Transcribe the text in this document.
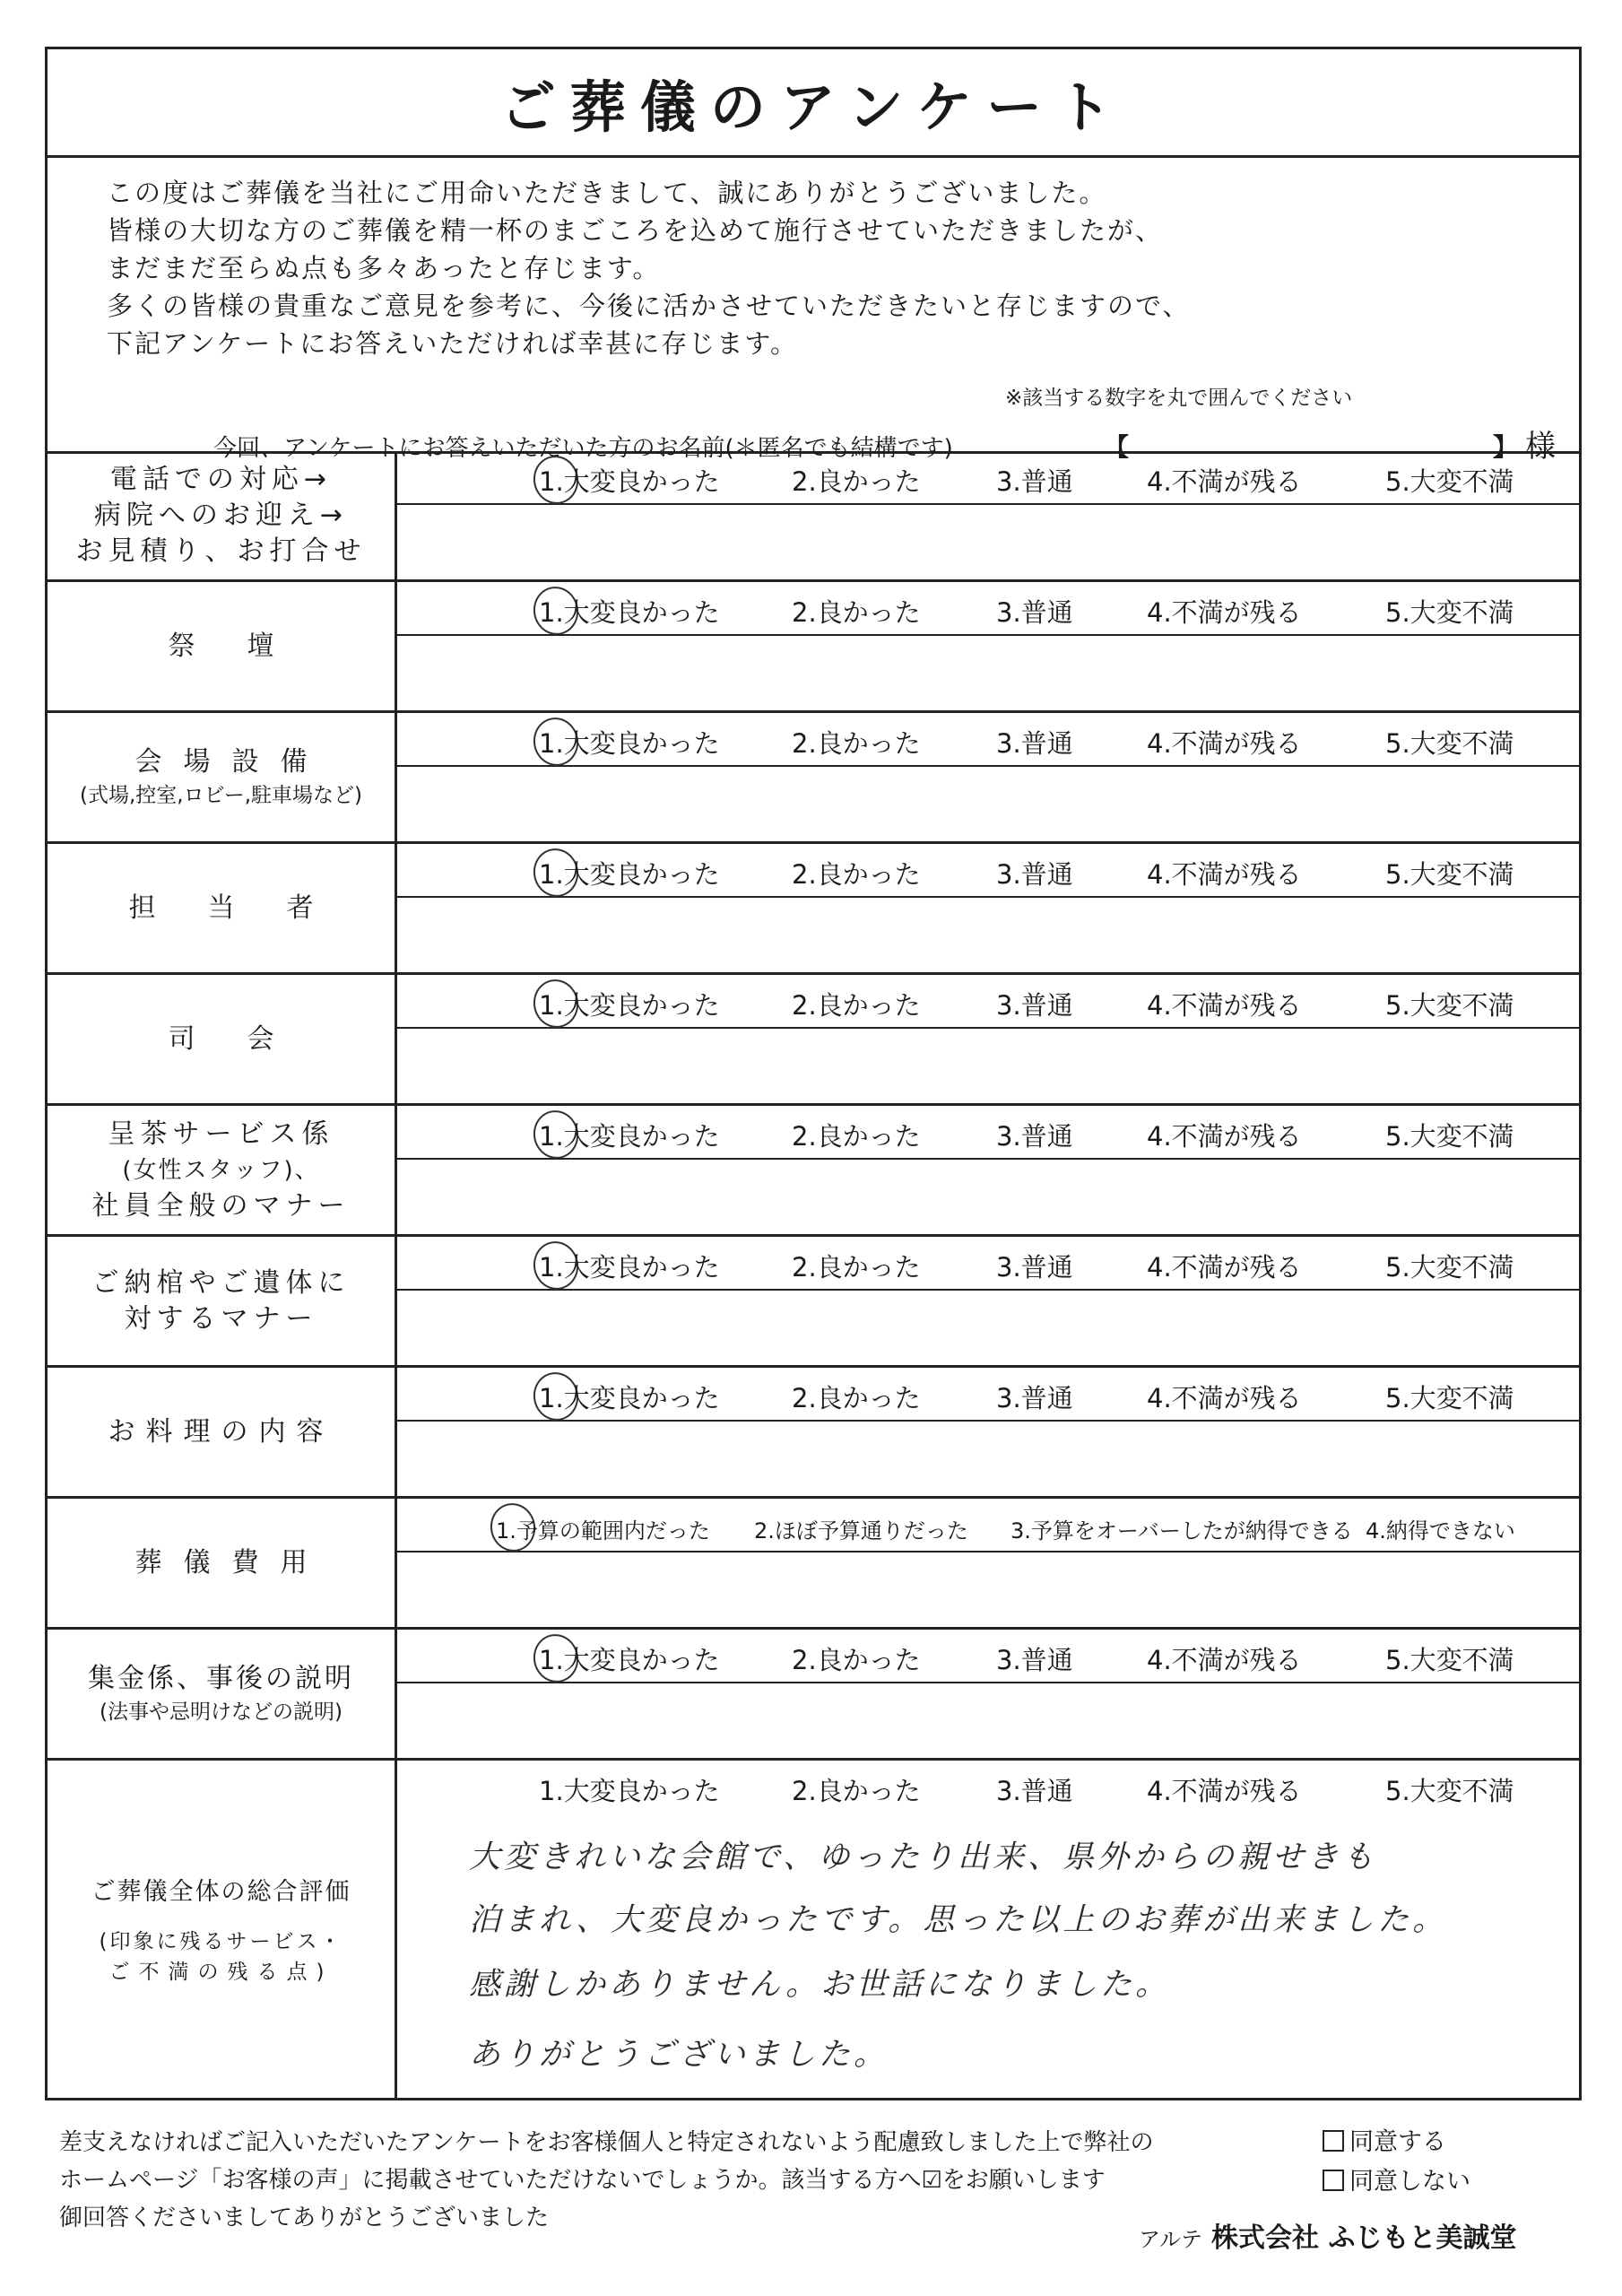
ご葬儀のアンケート
この度はご葬儀を当社にご用命いただきまして、誠にありがとうございました。
皆様の大切な方のご葬儀を精一杯のまごころを込めて施行させていただきましたが、
まだまだ至らぬ点も多々あったと存じます。
多くの皆様の貴重なご意見を参考に、今後に活かさせていただきたいと存じますので、
下記アンケートにお答えいただければ幸甚に存じます。
※該当する数字を丸で囲んでください
今回、アンケートにお答えいただいた方のお名前(＊匿名でも結構です)	【	】 様
電話での対応→
病院へのお迎え→
お見積り、お打合せ
1.大変良かった	2.良かった	3.普通	4.不満が残る	5.大変不満
祭壇
1.大変良かった	2.良かった	3.普通	4.不満が残る	5.大変不満
会場設備
(式場,控室,ロビー,駐車場など)
1.大変良かった	2.良かった	3.普通	4.不満が残る	5.大変不満
担当者
1.大変良かった	2.良かった	3.普通	4.不満が残る	5.大変不満
司会
1.大変良かった	2.良かった	3.普通	4.不満が残る	5.大変不満
呈茶サービス係
(女性スタッフ)、
社員全般のマナー
1.大変良かった	2.良かった	3.普通	4.不満が残る	5.大変不満
ご納棺やご遺体に
対するマナー
1.大変良かった	2.良かった	3.普通	4.不満が残る	5.大変不満
お料理の内容
1.大変良かった	2.良かった	3.普通	4.不満が残る	5.大変不満
葬儀費用
1.予算の範囲内だった 2.ほぼ予算通りだった 3.予算をオーバーしたが納得できる 4.納得できない
集金係、事後の説明
(法事や忌明けなどの説明)
1.大変良かった	2.良かった	3.普通	4.不満が残る	5.大変不満
ご葬儀全体の総合評価
(印象に残るサービス・
ご不満の残る点)
1.大変良かった	2.良かった	3.普通	4.不満が残る	5.大変不満
大変きれいな会館で、ゆったり出来、県外からの親せきも
泊まれ、大変良かったです。思った以上のお葬が出来ました。
感謝しかありません。お世話になりました。
ありがとうございました。
差支えなければご記入いただいたアンケートをお客様個人と特定されないよう配慮致しました上で弊社の
ホームページ「お客様の声」に掲載させていただけないでしょうか。該当する方へ☑をお願いします
御回答くださいましてありがとうございました
同意する
同意しない
アルテ 株式会社 ふじもと美誠堂
